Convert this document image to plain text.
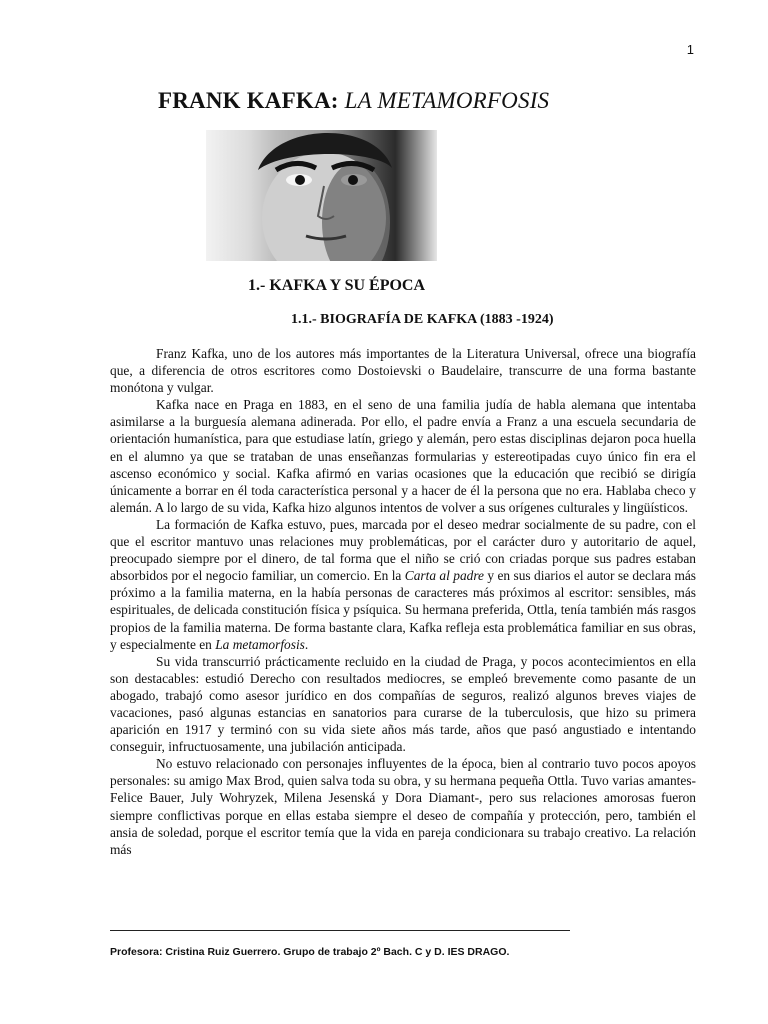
1
FRANK KAFKA: LA METAMORFOSIS
1.- KAFKA Y SU ÉPOCA
1.1.- BIOGRAFÍA DE KAFKA (1883 -1924)

Franz Kafka, uno de los autores más importantes de la Literatura Universal, ofrece una biografía que, a diferencia de otros escritores como Dostoievski o Baudelaire, transcurre de una forma bastante monótona y vulgar.

Kafka nace en Praga en 1883, en el seno de una familia judía de habla alemana que intentaba asimilarse a la burguesía alemana adinerada. Por ello, el padre envía a Franz a una escuela secundaria de orientación humanística, para que estudiase latín, griego y alemán, pero estas disciplinas dejaron poca huella en el alumno ya que se trataban de unas enseñanzas formularias y estereotipadas cuyo único fin era el ascenso económico y social. Kafka afirmó en varias ocasiones que la educación que recibió se dirigía únicamente a borrar en él toda característica personal y a hacer de él la persona que no era. Hablaba checo y alemán. A lo largo de su vida, Kafka hizo algunos intentos de volver a sus orígenes culturales y lingüísticos.

La formación de Kafka estuvo, pues, marcada por el deseo medrar socialmente de su padre, con el que el escritor mantuvo unas relaciones muy problemáticas, por el carácter duro y autoritario de aquel, preocupado siempre por el dinero, de tal forma que el niño se crió con criadas porque sus padres estaban absorbidos por el negocio familiar, un comercio. En la Carta al padre y en sus diarios el autor se declara más próximo a la familia materna, en la había personas de caracteres más próximos al escritor: sensibles, más espirituales, de delicada constitución física y psíquica. Su hermana preferida, Ottla, tenía también más rasgos propios de la familia materna. De forma bastante clara, Kafka refleja esta problemática familiar en sus obras, y especialmente en La metamorfosis.

Su vida transcurrió prácticamente recluido en la ciudad de Praga, y pocos acontecimientos en ella son destacables: estudió Derecho con resultados mediocres, se empleó brevemente como pasante de un abogado, trabajó como asesor jurídico en dos compañías de seguros, realizó algunos breves viajes de vacaciones, pasó algunas estancias en sanatorios para curarse de la tuberculosis, que hizo su primera aparición en 1917 y terminó con su vida siete años más tarde, años que pasó angustiado e intentando conseguir, infructuosamente, una jubilación anticipada.

No estuvo relacionado con personajes influyentes de la época, bien al contrario tuvo pocos apoyos personales: su amigo Max Brod, quien salva toda su obra, y su hermana pequeña Ottla. Tuvo varias amantes- Felice Bauer, July Wohryzek, Milena Jesenská y Dora Diamant-, pero sus relaciones amorosas fueron siempre conflictivas porque en ellas estaba siempre el deseo de compañía y protección, pero, también el ansia de soledad, porque el escritor temía que la vida en pareja condicionara su trabajo creativo. La relación más

Profesora: Cristina Ruiz Guerrero. Grupo de trabajo 2º Bach. C y D. IES DRAGO.
